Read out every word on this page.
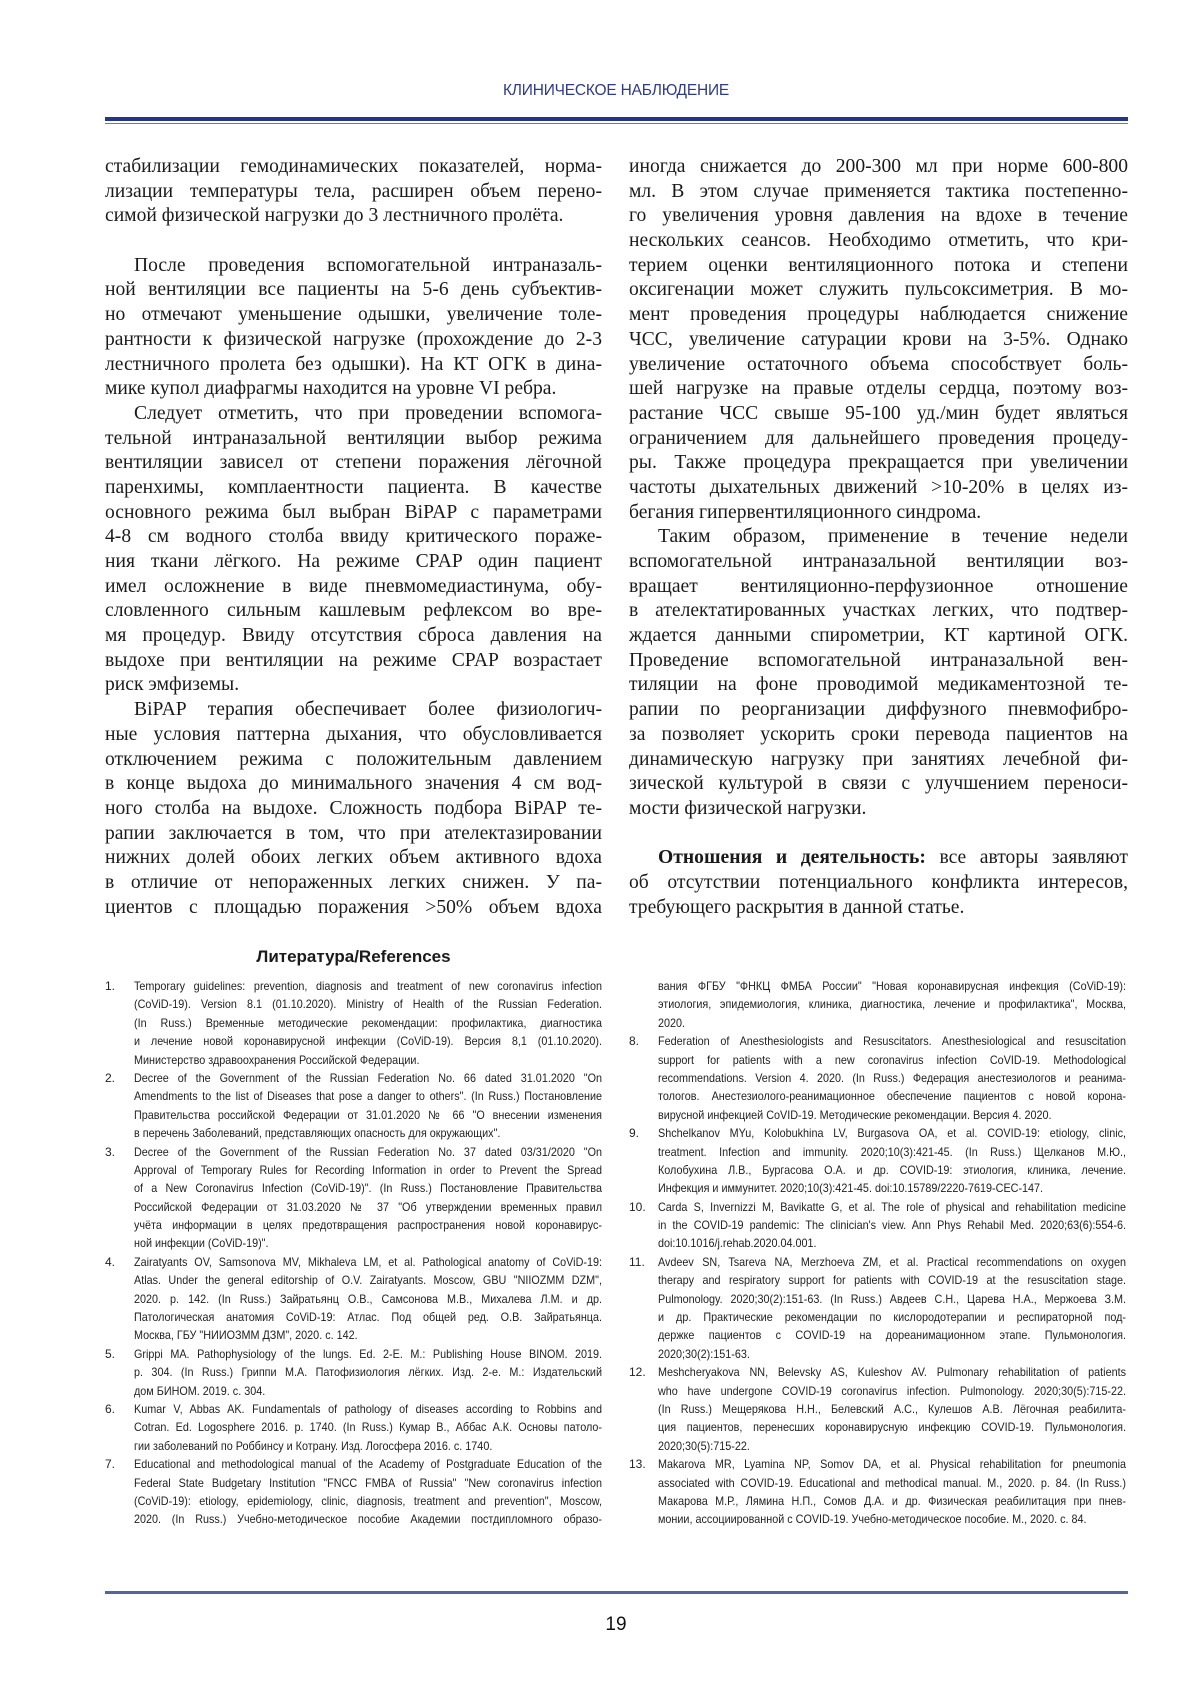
КЛИНИЧЕСКОЕ НАБЛЮДЕНИЕ
стабилизации гемодинамических показателей, норма-
лизации температуры тела, расширен объем перено-
симой физической нагрузки до 3 лестничного пролёта.
После проведения вспомогательной интраназаль-
ной вентиляции все пациенты на 5-6 день субъектив-
но отмечают уменьшение одышки, увеличение толе-
рантности к физической нагрузке (прохождение до 2-3
лестничного пролета без одышки). На КТ ОГК в дина-
мике купол диафрагмы находится на уровне VI ребра.
Следует отметить, что при проведении вспомога-
тельной интраназальной вентиляции выбор режима
вентиляции зависел от степени поражения лёгочной
паренхимы, комплаентности пациента. В качестве
основного режима был выбран BiPAP с параметрами
4-8 см водного столба ввиду критического пораже-
ния ткани лёгкого. На режиме CPAP один пациент
имел осложнение в виде пневмомедиастинума, обу-
словленного сильным кашлевым рефлексом во вре-
мя процедур. Ввиду отсутствия сброса давления на
выдохе при вентиляции на режиме CPAP возрастает
риск эмфиземы.
BiPAP терапия обеспечивает более физиологич-
ные условия паттерна дыхания, что обусловливается
отключением режима с положительным давлением
в конце выдоха до минимального значения 4 см вод-
ного столба на выдохе. Сложность подбора BiPAP те-
рапии заключается в том, что при ателектазировании
нижних долей обоих легких объем активного вдоха
в отличие от непораженных легких снижен. У па-
циентов с площадью поражения >50% объем вдоха
иногда снижается до 200-300 мл при норме 600-800
мл. В этом случае применяется тактика постепенно-
го увеличения уровня давления на вдохе в течение
нескольких сеансов. Необходимо отметить, что кри-
терием оценки вентиляционного потока и степени
оксигенации может служить пульсоксиметрия. В мо-
мент проведения процедуры наблюдается снижение
ЧСС, увеличение сатурации крови на 3-5%. Однако
увеличение остаточного объема способствует боль-
шей нагрузке на правые отделы сердца, поэтому воз-
растание ЧСС свыше 95-100 уд./мин будет являться
ограничением для дальнейшего проведения процеду-
ры. Также процедура прекращается при увеличении
частоты дыхательных движений >10-20% в целях из-
бегания гипервентиляционного синдрома.
Таким образом, применение в течение недели
вспомогательной интраназальной вентиляции воз-
вращает вентиляционно-перфузионное отношение
в ателектатированных участках легких, что подтвер-
ждается данными спирометрии, КТ картиной ОГК.
Проведение вспомогательной интраназальной вен-
тиляции на фоне проводимой медикаментозной те-
рапии по реорганизации диффузного пневмофибро-
за позволяет ускорить сроки перевода пациентов на
динамическую нагрузку при занятиях лечебной фи-
зической культурой в связи с улучшением переноси-
мости физической нагрузки.
Отношения и деятельность: все авторы заявляют
об отсутствии потенциального конфликта интересов,
требующего раскрытия в данной статье.
Литература/References
1. Temporary guidelines: prevention, diagnosis and treatment of new coronavirus infection
(CoViD-19). Version 8.1 (01.10.2020). Ministry of Health of the Russian Federation.
(In Russ.) Временные методические рекомендации: профилактика, диагностика
и лечение новой коронавирусной инфекции (CoViD-19). Версия 8,1 (01.10.2020).
Министерство здравоохранения Российской Федерации.
2. Decree of the Government of the Russian Federation No. 66 dated 31.01.2020 "On
Amendments to the list of Diseases that pose a danger to others". (In Russ.) Постановление
Правительства российской Федерации от 31.01.2020 № 66 "О внесении изменения
в перечень Заболеваний, представляющих опасность для окружающих".
3. Decree of the Government of the Russian Federation No. 37 dated 03/31/2020 "On
Approval of Temporary Rules for Recording Information in order to Prevent the Spread
of a New Coronavirus Infection (CoViD-19)". (In Russ.) Постановление Правительства
Российской Федерации от 31.03.2020 № 37 "Об утверждении временных правил
учёта информации в целях предотвращения распространения новой коронавирус-
ной инфекции (CoViD-19)".
4. Zairatyants OV, Samsonova MV, Mikhaleva LM, et al. Pathological anatomy of CoViD-19:
Atlas. Under the general editorship of O.V. Zairatyants. Moscow, GBU "NIIOZMM DZM",
2020. p. 142. (In Russ.) Зайратьянц О.В., Самсонова М.В., Михалева Л.М. и др.
Патологическая анатомия CoViD-19: Атлас. Под общей ред. О.В. Зайратьянца.
Москва, ГБУ "НИИОЗММ ДЗМ", 2020. с. 142.
5. Grippi MA. Pathophysiology of the lungs. Ed. 2-E. M.: Publishing House BINOM. 2019.
p. 304. (In Russ.) Гриппи М.А. Патофизиология лёгких. Изд. 2-е. М.: Издательский
дом БИНОМ. 2019. с. 304.
6. Kumar V, Abbas AK. Fundamentals of pathology of diseases according to Robbins and
Cotran. Ed. Logosphere 2016. p. 1740. (In Russ.) Кумар В., Аббас А.К. Основы патоло-
гии заболеваний по Роббинсу и Котрану. Изд. Логосфера 2016. с. 1740.
7. Educational and methodological manual of the Academy of Postgraduate Education of the
Federal State Budgetary Institution "FNCC FMBA of Russia" "New coronavirus infection
(CoViD-19): etiology, epidemiology, clinic, diagnosis, treatment and prevention", Moscow,
2020. (In Russ.) Учебно-методическое пособие Академии постдипломного образо-
вания ФГБУ "ФНКЦ ФМБА России" "Новая коронавирусная инфекция (CoViD-19):
этиология, эпидемиология, клиника, диагностика, лечение и профилактика", Москва,
2020.
8. Federation of Anesthesiologists and Resuscitators. Anesthesiological and resuscitation
support for patients with a new coronavirus infection CoVID-19. Methodological
recommendations. Version 4. 2020. (In Russ.) Федерация анестезиологов и реанима-
тологов. Анестезиолого-реанимационное обеспечение пациентов с новой корона-
вирусной инфекцией CoVID-19. Методические рекомендации. Версия 4. 2020.
9. Shchelkanov MYu, Kolobukhina LV, Burgasova OA, et al. COVID-19: etiology, clinic,
treatment. Infection and immunity. 2020;10(3):421-45. (In Russ.) Щелканов М.Ю.,
Колобухина Л.В., Бургасова О.А. и др. COVID-19: этиология, клиника, лечение.
Инфекция и иммунитет. 2020;10(3):421-45. doi:10.15789/2220-7619-CEC-147.
10. Carda S, Invernizzi M, Bavikatte G, et al. The role of physical and rehabilitation medicine
in the COVID-19 pandemic: The clinician's view. Ann Phys Rehabil Med. 2020;63(6):554-6.
doi:10.1016/j.rehab.2020.04.001.
11. Avdeev SN, Tsareva NA, Merzhoeva ZM, et al. Practical recommendations on oxygen
therapy and respiratory support for patients with COVID-19 at the resuscitation stage.
Pulmonology. 2020;30(2):151-63. (In Russ.) Авдеев С.Н., Царева Н.А., Мержоева З.М.
и др. Практические рекомендации по кислородотерапии и респираторной под-
держке пациентов с COVID-19 на дореанимационном этапе. Пульмонология.
2020;30(2):151-63.
12. Meshcheryakova NN, Belevsky AS, Kuleshov AV. Pulmonary rehabilitation of patients
who have undergone COVID-19 coronavirus infection. Pulmonology. 2020;30(5):715-22.
(In Russ.) Мещерякова Н.Н., Белевский А.С., Кулешов А.В. Лёгочная реабилита-
ция пациентов, перенесших коронавирусную инфекцию COVID-19. Пульмонология.
2020;30(5):715-22.
13. Makarova MR, Lyamina NP, Somov DA, et al. Physical rehabilitation for pneumonia
associated with COVID-19. Educational and methodical manual. M., 2020. p. 84. (In Russ.)
Макарова М.Р., Лямина Н.П., Сомов Д.А. и др. Физическая реабилитация при пнев-
монии, ассоциированной с COVID-19. Учебно-методическое пособие. М., 2020. с. 84.
19
